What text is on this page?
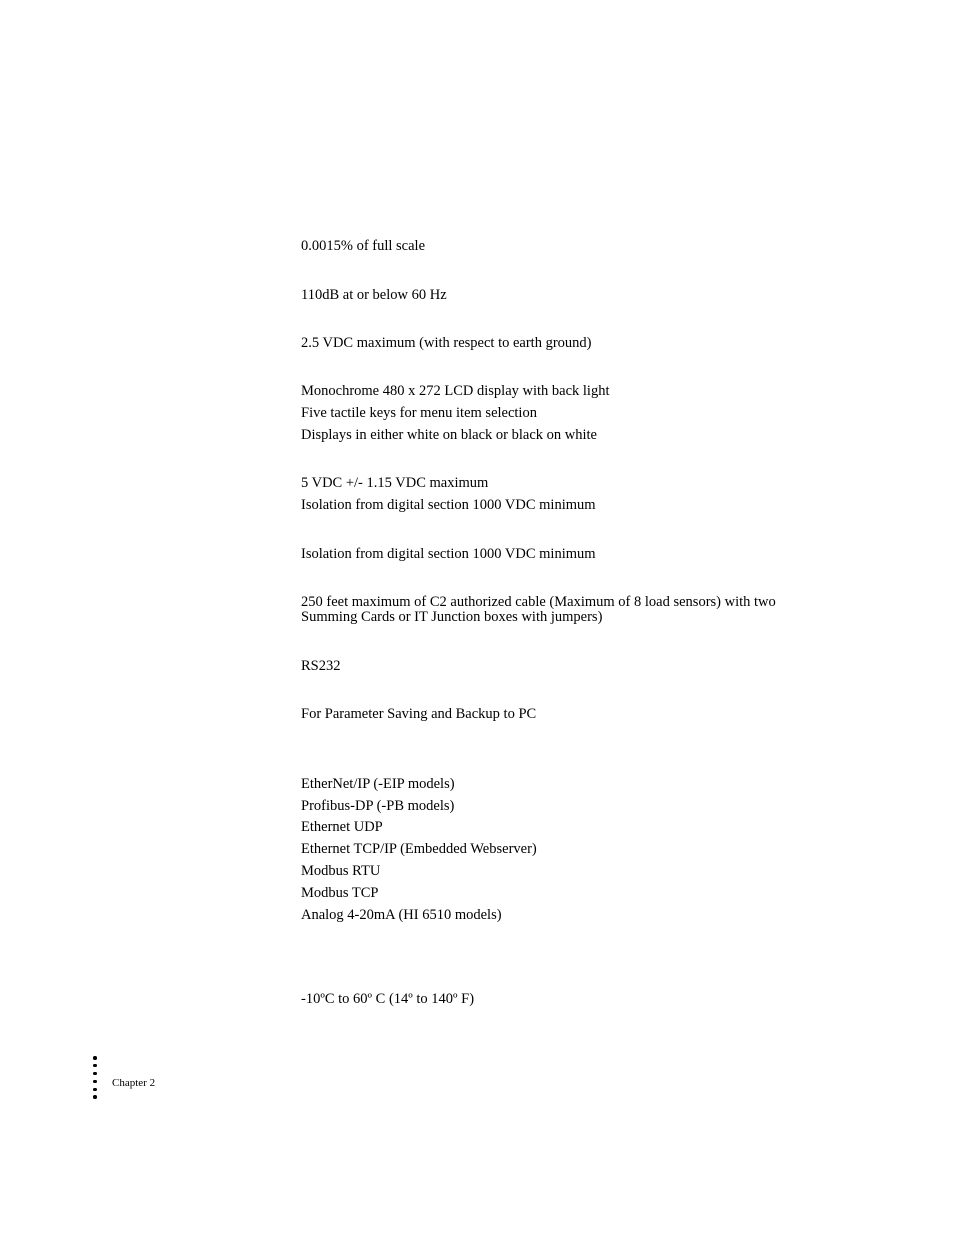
0.0015% of full scale
110dB at or below 60 Hz
2.5 VDC maximum (with respect to earth ground)
Monochrome 480 x 272 LCD display with back light
Five tactile keys for menu item selection
Displays in either white on black or black on white
5 VDC +/- 1.15 VDC maximum
Isolation from digital section 1000 VDC minimum
Isolation from digital section 1000 VDC minimum
250 feet maximum of C2 authorized cable (Maximum of 8 load sensors) with two Summing Cards or IT Junction boxes with jumpers)
RS232
For Parameter Saving and Backup to PC
EtherNet/IP (-EIP models)
Profibus-DP (-PB models)
Ethernet UDP
Ethernet TCP/IP (Embedded Webserver)
Modbus RTU
Modbus TCP
Analog 4-20mA (HI 6510 models)
-10ºC to 60º C (14º to 140º F)
Chapter 2
